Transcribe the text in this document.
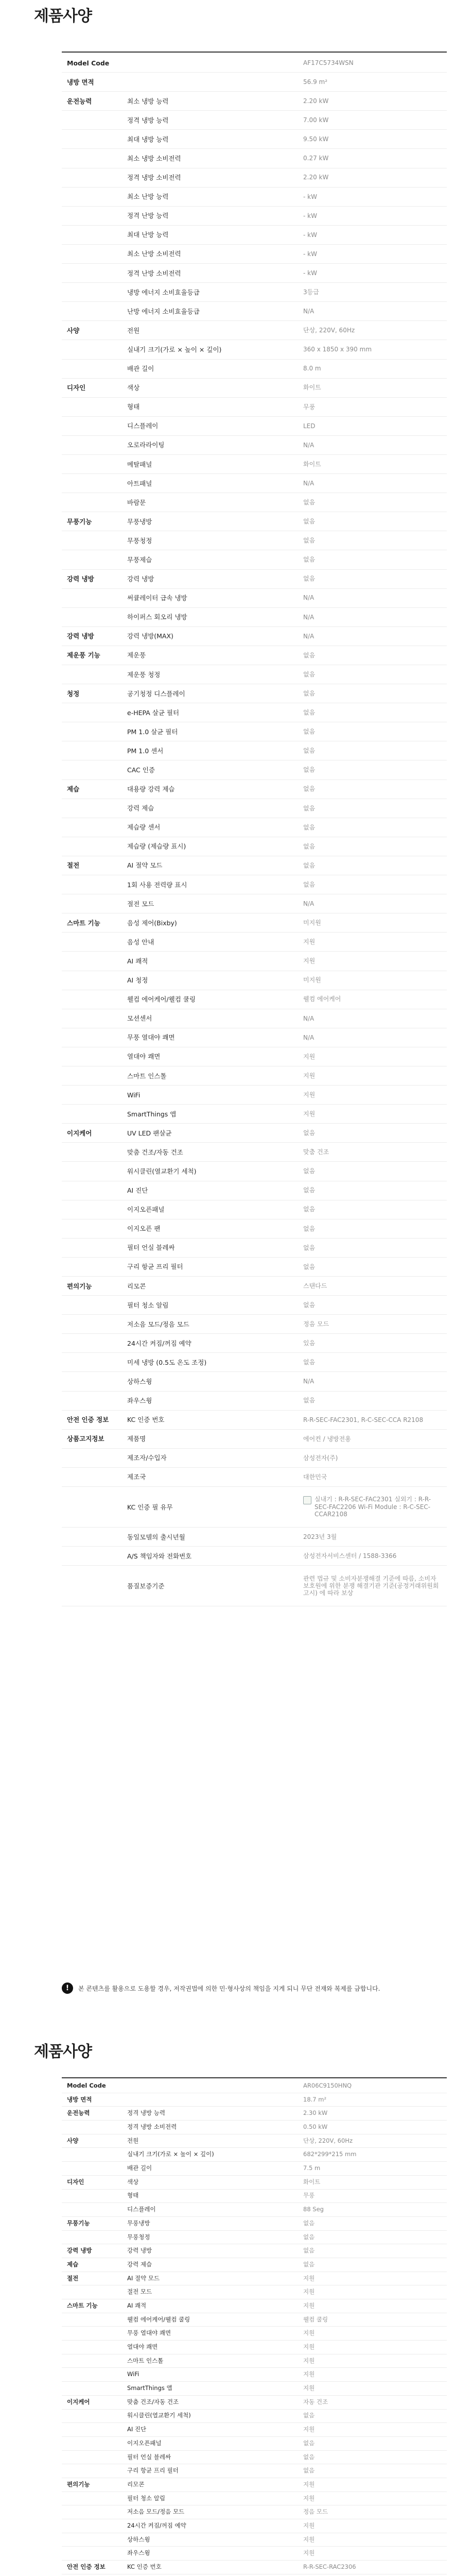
제품사양
Model Code		AF17C5734WSN
냉방 면적		56.9 m²
운전능력	최소 냉방 능력	2.20 kW
	정격 냉방 능력	7.00 kW
	최대 냉방 능력	9.50 kW
	최소 냉방 소비전력	0.27 kW
	정격 냉방 소비전력	2.20 kW
	최소 난방 능력	- kW
	정격 난방 능력	- kW
	최대 난방 능력	- kW
	최소 난방 소비전력	- kW
	정격 난방 소비전력	- kW
	냉방 에너지 소비효율등급	3등급
	난방 에너지 소비효율등급	N/A
사양	전원	단상, 220V, 60Hz
	실내기 크기(가로 × 높이 × 깊이)	360 x 1850 x 390 mm
	배관 길이	8.0 m
디자인	색상	화이트
	형태	무풍
	디스플레이	LED
	오로라라이팅	N/A
	메탈패널	화이트
	아트패널	N/A
	바람문	없음
무풍기능	무풍냉방	없음
	무풍청정	없음
	무풍제습	없음
강력 냉방	강력 냉방	없음
	써큘레이터 급속 냉방	N/A
	하이퍼스 회오리 냉방	N/A
강력 냉방	강력 냉방(MAX)	N/A
제운풍 기능	제운풍	없음
	제운풍 청정	없음
청정	공기청정 디스플레이	없음
	e-HEPA 살균 필터	없음
	PM 1.0 살균 필터	없음
	PM 1.0 센서	없음
	CAC 인증	없음
제습	대용량 강력 제습	없음
	강력 제습	없음
	제습량 센서	없음
	제습량 (제습량 표시)	없음
절전	AI 절약 모드	없음
	1회 사용 전력량 표시	없음
	절전 모드	N/A
스마트 기능	음성 제어(Bixby)	미지원
	음성 안내	지원
	AI 쾌적	지원
	AI 청정	미지원
	웰컴 에어케어/웰컴 쿨링	웰컴 에어케어
	모션센서	N/A
	무풍 열대야 쾌면	N/A
	열대야 쾌면	지원
	스마트 인스톨	지원
	WiFi	지원
	SmartThings 앱	지원
이지케어	UV LED 팬살균	없음
	맞춤 건조/자동 건조	맞춤 건조
	워시클린(열교환기 세척)	없음
	AI 진단	없음
	이지오픈패널	없음
	이지오픈 팬	없음
	필터 언실 블레싸	없음
	구리 항균 프리 필터	없음
편의기능	리모콘	스탠다드
	필터 청소 알림	없음
	저소음 모드/정음 모드	정음 모드
	24시간 켜짐/꺼짐 예약	있음
	미세 냉방 (0.5도 온도 조정)	없음
	상하스윙	N/A
	좌우스윙	없음
안전 인증 정보	KC 인증 번호	R-R-SEC-FAC2301, R-C-SEC-CCA R2108
상품고지정보	제품명	에어컨 / 냉방전용
	제조자/수입자	삼성전자(주)
	제조국	대한민국
	KC 인증 필 유무	실내기 : R-R-SEC-FAC2301 실외기 : R-R-SEC-FAC2206 Wi-Fi Module : R-C-SEC-CCAR2108

	동일모델의 출시년월	2023년 3월
	A/S 책임자와 전화번호	삼성전자서비스센터 / 1588-3366
	품질보증기준	관련 법규 및 소비자분쟁해결 기준에 따름, 소비자보호원에 위한 분쟁 해결기관 기준(공정거래위원회 고시) 에 따라 보상
!	본 콘텐츠를 활용으로 도용할 경우, 저작권법에 의한 민·형사상의 책임을 지게 되니 무단 전재와 복제를 금합니다.
제품사양
Model Code		AR06C9150HNQ
냉방 면적		18.7 m²
운전능력	정격 냉방 능력	2.30 kW
	정격 냉방 소비전력	0.50 kW
사양	전원	단상, 220V, 60Hz
	실내기 크기(가로 × 높이 × 깊이)	682*299*215 mm
	배관 길이	7.5 m
디자인	색상	화이트
	형태	무풍
	디스플레이	88 Seg
무풍기능	무풍냉방	없음
	무풍청정	없음
강력 냉방	강력 냉방	없음
제습	강력 제습	없음
절전	AI 절약 모드	지원
	절전 모드	지원
스마트 기능	AI 쾌적	지원
	웰컴 에어케어/웰컴 쿨링	웰컴 쿨링
	무풍 열대야 쾌면	지원
	열대야 쾌면	지원
	스마트 인스톨	지원
	WiFi	지원
	SmartThings 앱	지원
이지케어	맞춤 건조/자동 건조	자동 건조
	워시클린(열교환기 세척)	없음
	AI 진단	지원
	이지오픈패널	없음
	필터 언실 블레싸	없음
	구리 항균 프리 필터	없음
편의기능	리모콘	지원
	필터 청소 알림	지원
	저소음 모드/정음 모드	정음 모드
	24시간 켜짐/꺼짐 예약	지원
	상하스윙	지원
	좌우스윙	지원
안전 인증 정보	KC 인증 번호	R-R-SEC-RAC2306
